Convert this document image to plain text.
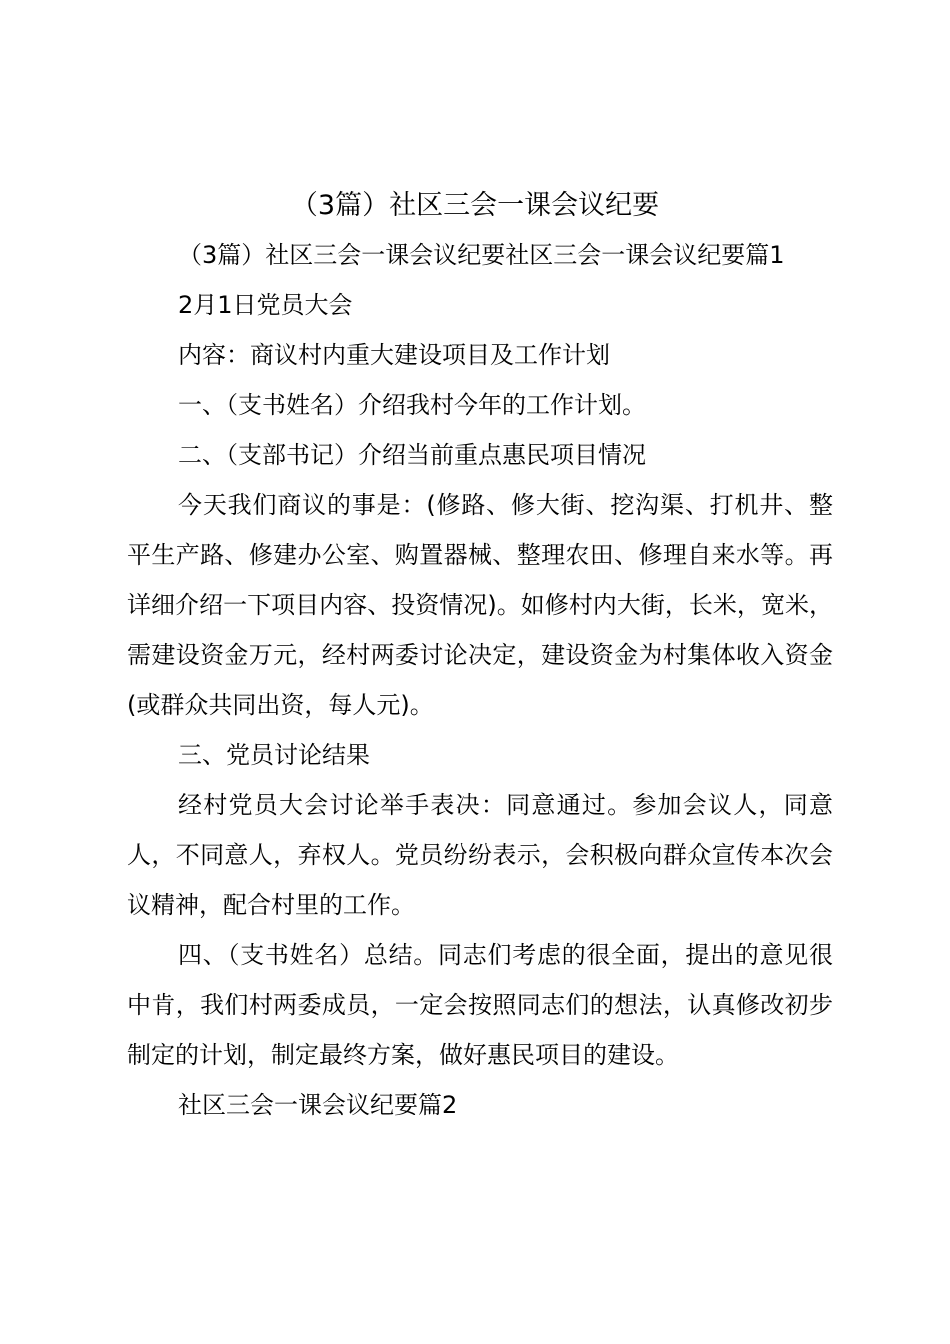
（3篇）社区三会一课会议纪要

（3篇）社区三会一课会议纪要社区三会一课会议纪要篇1

2月1日党员大会

内容：商议村内重大建设项目及工作计划

一、（支书姓名）介绍我村今年的工作计划。

二、（支部书记）介绍当前重点惠民项目情况

今天我们商议的事是：(修路、修大街、挖沟渠、打机井、整平生产路、修建办公室、购置器械、整理农田、修理自来水等。再详细介绍一下项目内容、投资情况)。如修村内大街，长米，宽米，需建设资金万元，经村两委讨论决定，建设资金为村集体收入资金(或群众共同出资，每人元)。

三、党员讨论结果

经村党员大会讨论举手表决：同意通过。参加会议人，同意人，不同意人，弃权人。党员纷纷表示，会积极向群众宣传本次会议精神，配合村里的工作。

四、（支书姓名）总结。同志们考虑的很全面，提出的意见很中肯，我们村两委成员，一定会按照同志们的想法，认真修改初步制定的计划，制定最终方案，做好惠民项目的建设。

社区三会一课会议纪要篇2
